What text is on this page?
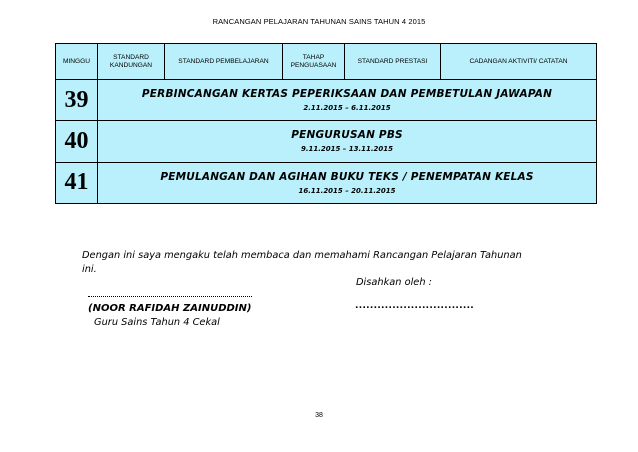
RANCANGAN PELAJARAN TAHUNAN SAINS TAHUN 4 2015
MINGGU	STANDARD KANDUNGAN	STANDARD PEMBELAJARAN	TAHAP PENGUASAAN	STANDARD PRESTASI	CADANGAN AKTIVITI/ CATATAN
39	PERBINCANGAN KERTAS PEPERIKSAAN DAN PEMBETULAN JAWAPAN
2.11.2015 – 6.11.2015				

40	PENGURUSAN PBS
9.11.2015 – 13.11.2015				

41	PEMULANGAN DAN AGIHAN BUKU TEKS / PENEMPATAN KELAS
16.11.2015 – 20.11.2015				
Dengan ini saya mengaku telah membaca dan memahami Rancangan Pelajaran Tahunan
ini.
Disahkan oleh :
(NOOR RAFIDAH ZAINUDDIN)	................................
Guru Sains Tahun 4 Cekal
38
